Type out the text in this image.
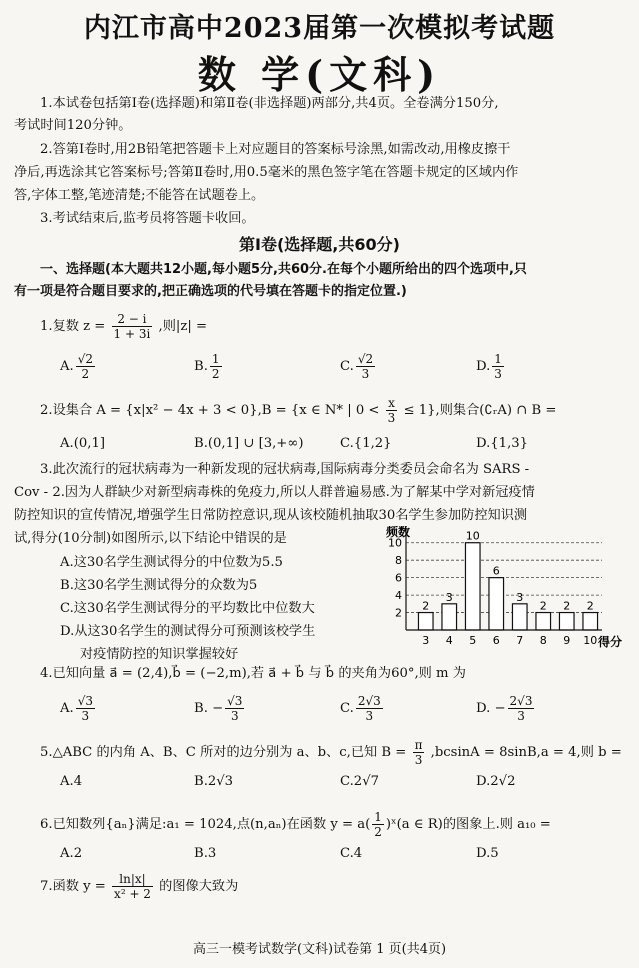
内江市高中2023届第一次模拟考试题
数 学(文科)
1.本试卷包括第Ⅰ卷(选择题)和第Ⅱ卷(非选择题)两部分,共4页。全卷满分150分,
考试时间120分钟。
2.答第Ⅰ卷时,用2B铅笔把答题卡上对应题目的答案标号涂黑,如需改动,用橡皮擦干
净后,再选涂其它答案标号;答第Ⅱ卷时,用0.5毫米的黑色签字笔在答题卡规定的区域内作
答,字体工整,笔迹清楚;不能答在试题卷上。
3.考试结束后,监考员将答题卡收回。
第Ⅰ卷(选择题,共60分)
一、选择题(本大题共12小题,每小题5分,共60分.在每个小题所给出的四个选项中,只
有一项是符合题目要求的,把正确选项的代号填在答题卡的指定位置.)
1.复数 $z = \frac{2 - i}{1 + 3i}$ ,则|z| =
A. $\frac{√2}{2}$	B. $\frac{1}{2}$	C. $\frac{√2}{3}$	D. $\frac{1}{3}$
2.设集合 A = {x|x² − 4x + 3 < 0},B = {x ∈ N* | $0 < \frac{x}{3} \le 1$},则集合(∁ᵣA) ∩ B =
A.(0,1]	B.(0,1] ∪ [3,+∞)	C.{1,2}	D.{1,3}
3.此次流行的冠状病毒为一种新发现的冠状病毒,国际病毒分类委员会命名为 SARS -
Cov - 2.因为人群缺少对新型病毒株的免疫力,所以人群普遍易感.为了解某中学对新冠疫情
防控知识的宣传情况,增强学生日常防控意识,现从该校随机抽取30名学生参加防控知识测
试,得分(10分制)如图所示,以下结论中错误的是
A.这30名学生测试得分的中位数为5.5
B.这30名学生测试得分的众数为5
C.这30名学生测试得分的平均数比中位数大
D.从这30名学生的测试得分可预测该校学生
对疫情防控的知识掌握较好
2
4
6
8
10
2
3
3
4
10
5
6
6
3
7
2
8
2
9
2
10
频数
得分
4.已知向量 a⃗ = (2,4),b⃗ = (−2,m),若 a⃗ + b⃗ 与 b⃗ 的夹角为60°,则 m 为
A. $\frac{√3}{3}$	B. − $\frac{√3}{3}$	C. $\frac{2√3}{3}$	D. − $\frac{2√3}{3}$
5.△ABC 的内角 A、B、C 所对的边分别为 a、b、c,已知 $B = \frac{\pi}{3} ,bcsinA = 8\sin B,a = 4$,则 b =
A.4	B.2√3	C.2√7	D.2√2
6.已知数列{aₙ}满足:a₁ = 1024,点(n,aₙ)在函数 $y = a( \frac{1}{2}$ )ˣ(a ∈ R)的图象上.则 a₁₀ =
A.2	B.3	C.4	D.5
7.函数 $y = \frac{\ln|x|}{\text{x² + 2}}$ 的图像大致为
高三一模考试数学(文科)试卷第 1 页(共4页)
